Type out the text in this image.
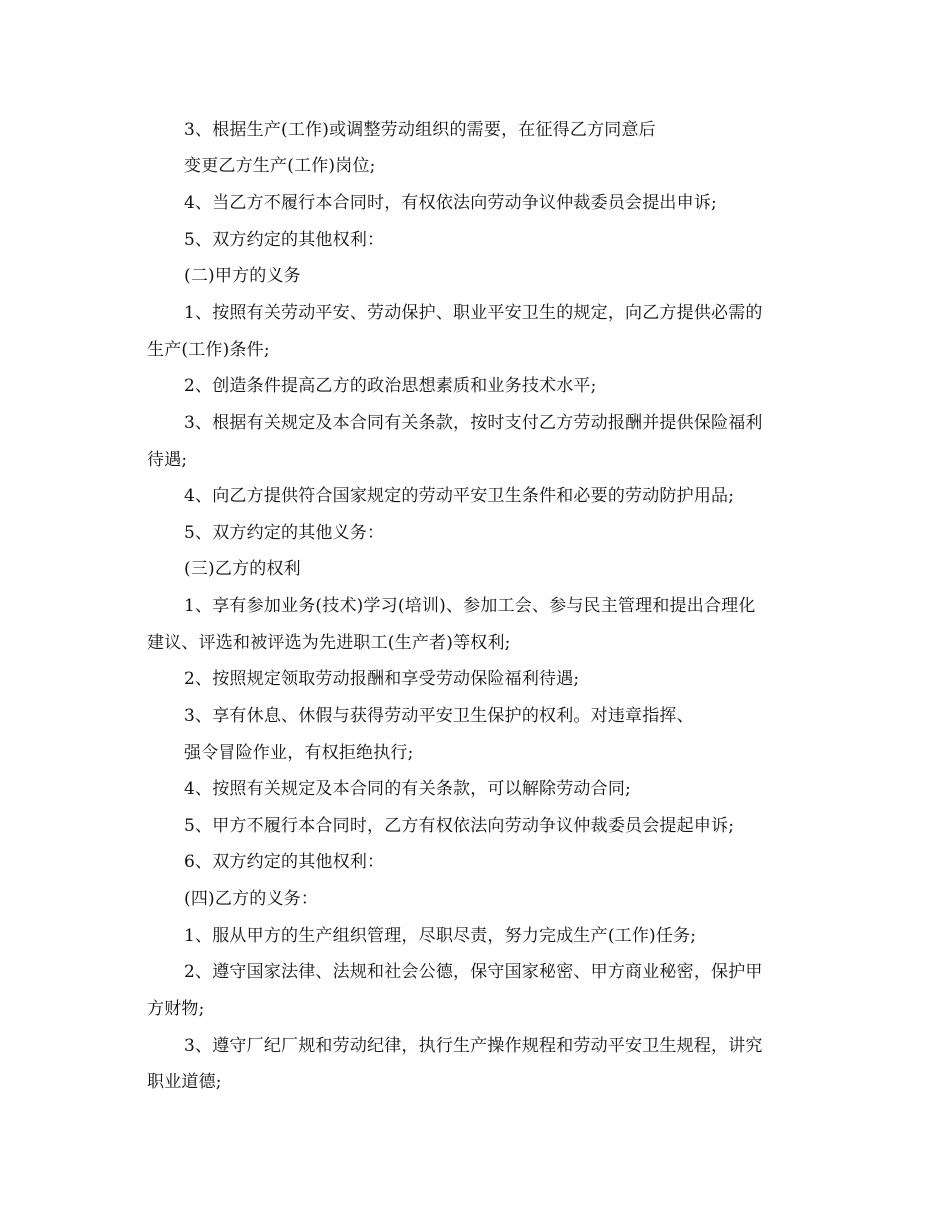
3、根据生产(工作)或调整劳动组织的需要，在征得乙方同意后
变更乙方生产(工作)岗位;
4、当乙方不履行本合同时，有权依法向劳动争议仲裁委员会提出申诉;
5、双方约定的其他权利：
(二)甲方的义务
1、按照有关劳动平安、劳动保护、职业平安卫生的规定，向乙方提供必需的
生产(工作)条件;
2、创造条件提高乙方的政治思想素质和业务技术水平;
3、根据有关规定及本合同有关条款，按时支付乙方劳动报酬并提供保险福利
待遇;
4、向乙方提供符合国家规定的劳动平安卫生条件和必要的劳动防护用品;
5、双方约定的其他义务：
(三)乙方的权利
1、享有参加业务(技术)学习(培训)、参加工会、参与民主管理和提出合理化
建议、评选和被评选为先进职工(生产者)等权利;
2、按照规定领取劳动报酬和享受劳动保险福利待遇;
3、享有休息、休假与获得劳动平安卫生保护的权利。对违章指挥、
强令冒险作业，有权拒绝执行;
4、按照有关规定及本合同的有关条款，可以解除劳动合同;
5、甲方不履行本合同时，乙方有权依法向劳动争议仲裁委员会提起申诉;
6、双方约定的其他权利：
(四)乙方的义务：
1、服从甲方的生产组织管理，尽职尽责，努力完成生产(工作)任务;
2、遵守国家法律、法规和社会公德，保守国家秘密、甲方商业秘密，保护甲
方财物;
3、遵守厂纪厂规和劳动纪律，执行生产操作规程和劳动平安卫生规程，讲究
职业道德;
